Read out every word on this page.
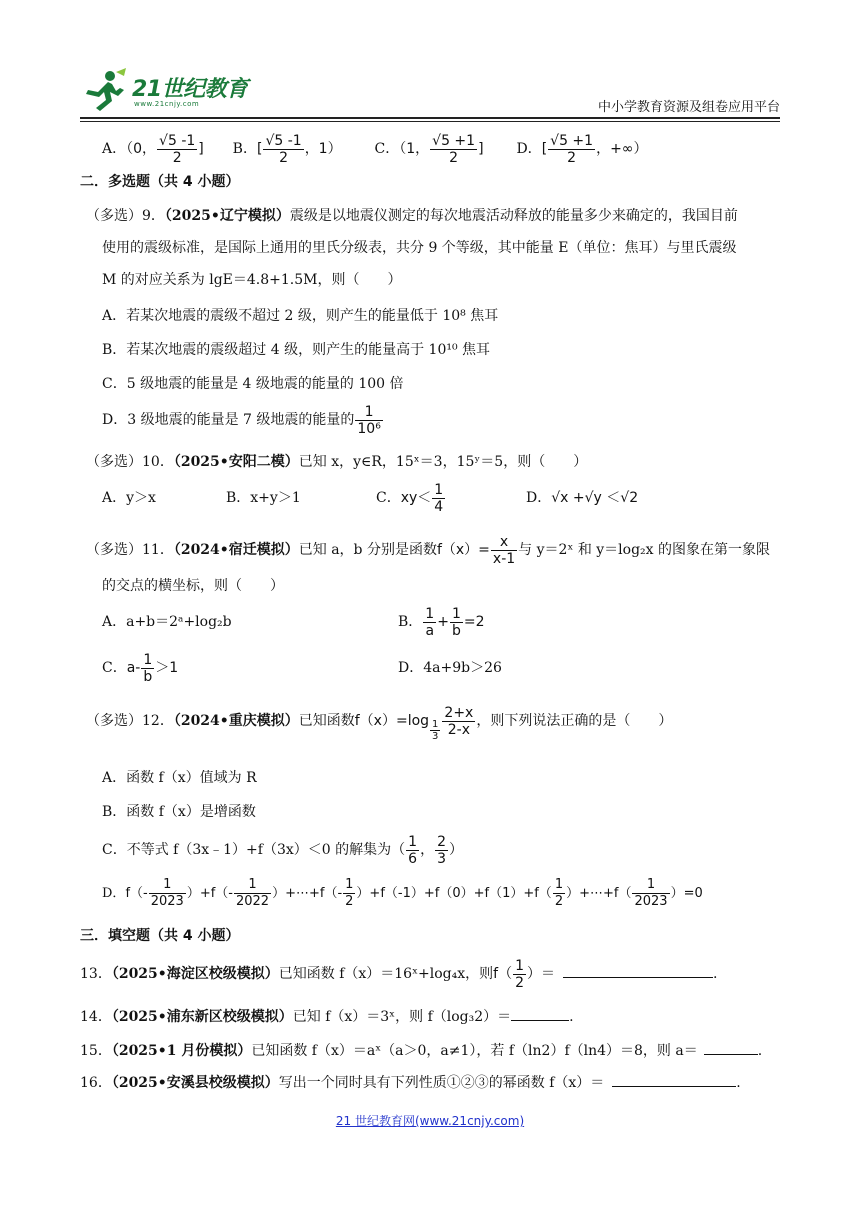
21世纪教育
www.21cnjy.com	中小学教育资源及组卷应用平台
A．（0， $\frac{√5 -1}{2}$ ] B．[ $\frac{√5 -1}{2}$ ，1） C．（1， $\frac{√5 +1}{2}$ ] D．[ $\frac{√5 +1}{2}$ ，+∞）
二．多选题（共 4 小题）
（多选）9．（2025•辽宁模拟）震级是以地震仪测定的每次地震活动释放的能量多少来确定的，我国目前
使用的震级标准，是国际上通用的里氏分级表，共分 9 个等级，其中能量 E（单位：焦耳）与里氏震级
M 的对应关系为 lgE＝4.8+1.5M，则（　　）
A．若某次地震的震级不超过 2 级，则产生的能量低于 10⁸ 焦耳
B．若某次地震的震级超过 4 级，则产生的能量高于 10¹⁰ 焦耳
C．5 级地震的能量是 4 级地震的能量的 100 倍
D．3 级地震的能量是 7 级地震的能量的 $\frac{1}{\text{10⁶}}$
（多选）10．（2025•安阳二模）已知 x，y∈R，15ˣ＝3，15ʸ＝5，则（　　）
A．y＞x	B．x+y＞1	C．$xy< \frac{1}{4}$	D．√x +√y ＜√2
（多选）11．（2024•宿迁模拟）已知 a，b 分别是函数$f(x)= \frac{x}{x-1}$ 与 y＝2ˣ 和 y＝log₂x 的图象在第一象限
的交点的横坐标，则（　　）
A．a+b＝2ᵃ+log₂b	B． $\frac{1}{a} + \frac{1}{b} =2$
C．$a- \frac{1}{b} >1$	D．4a+9b＞26
（多选）12．（2024•重庆模拟）已知函数$f(x)=\log \frac{1}{3} \frac{2+x}{2-x}$ ，则下列说法正确的是（　　）
A．函数 f（x）值域为 R
B．函数 f（x）是增函数
C．不等式 f（3x﹣1）+f（3x）＜0 的解集为（ $\frac{1}{6}$ ， $\frac{2}{3}$ ）
D．$f(- \frac{1}{2023} )+f(- \frac{1}{2022}$ ）+⋯+f（- $\frac{1}{2} )+f(-1)+f(0)+f(1)+f( \frac{1}{2}$ ）+⋯+f（ $\frac{1}{2023} )=0$
三．填空题（共 4 小题）
13．（2025•海淀区校级模拟）已知函数 f（x）＝16ˣ+log₄x，则$f( \frac{1}{2}$ ）＝	.
14．（2025•浦东新区校级模拟）已知 f（x）＝3ˣ，则 f（log₃2）＝	.
15．（2025•1 月份模拟）已知函数 f（x）＝aˣ（a＞0，a≠1），若 f（ln2）f（ln4）＝8，则 a＝	.
16．（2025•安溪县校级模拟）写出一个同时具有下列性质①②③的幂函数 f（x）＝	.
21 世纪教育网(www.21cnjy.com)
